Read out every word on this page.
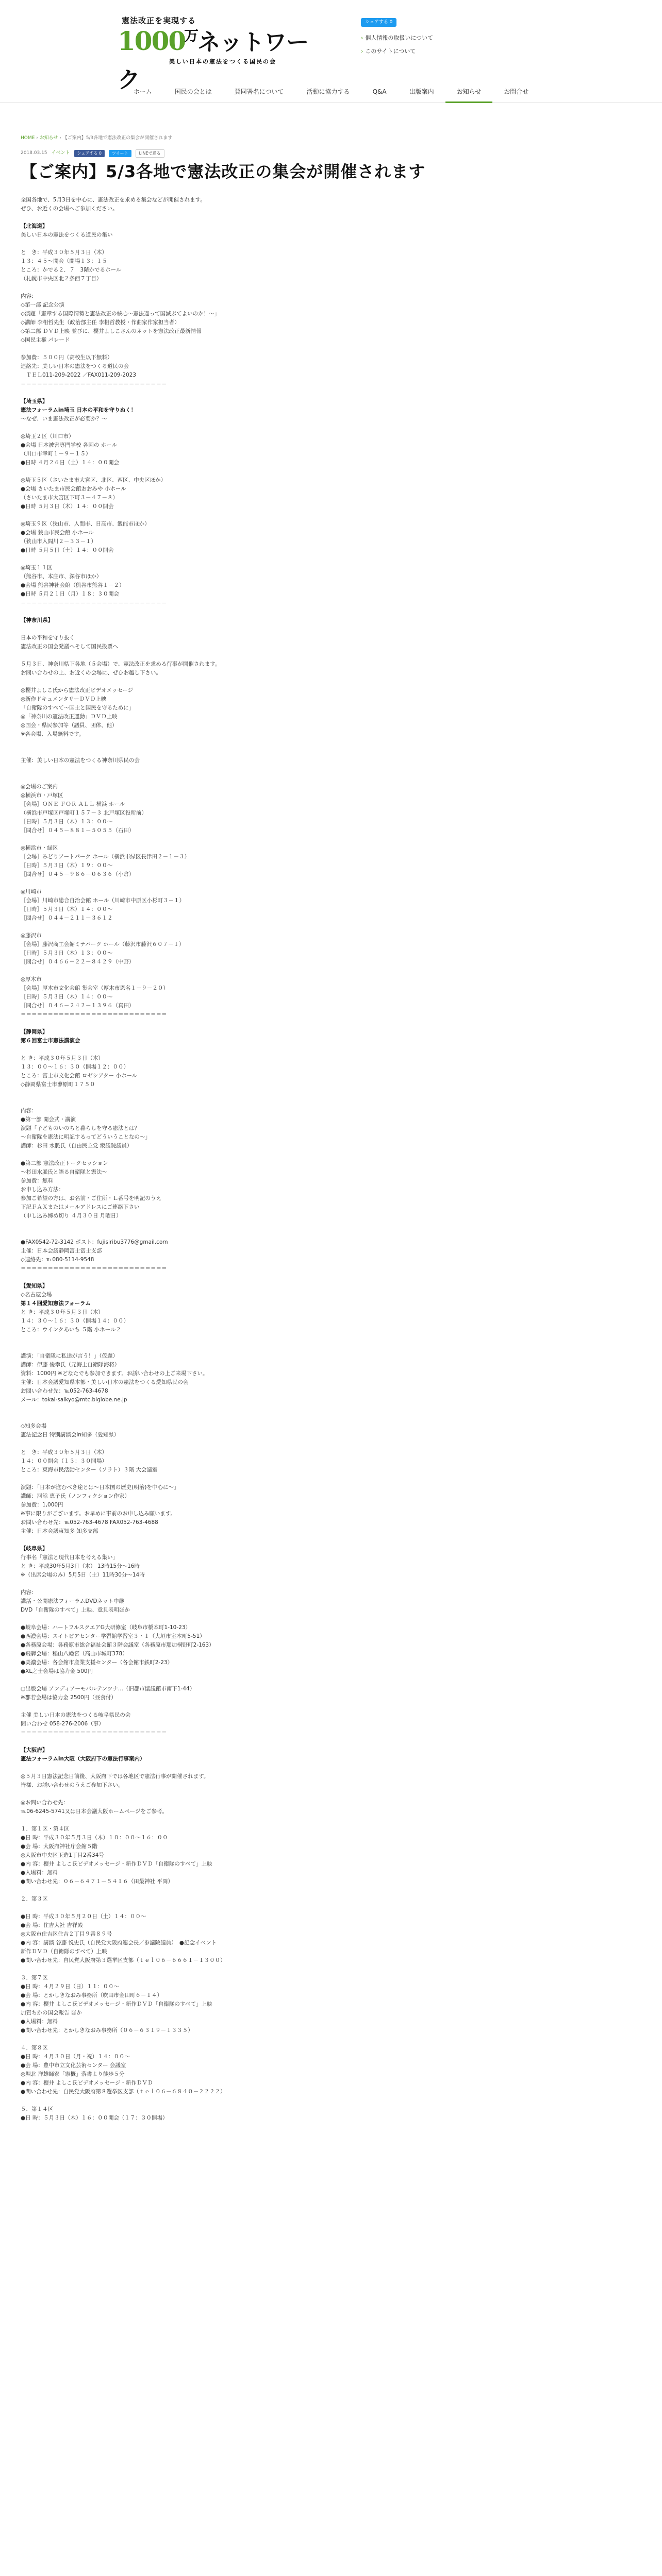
憲法改正を実現する
$1000^万$ネットワーク
美しい日本の憲法をつくる国民の会
シェアする 0
› 個人情報の取扱いについて
› このサイトについて
ホーム	国民の会とは	賛同署名について	活動に協力する	Q&A	出版案内	お知らせ	お問合せ
HOME › お知らせ › 【ご案内】5/3各地で憲法改正の集会が開催されます
2018.03.15 イベント	シェアする 0	ツイート	LINEで送る
【ご案内】5/3各地で憲法改正の集会が開催されます
全国各地で、5月3日を中心に、憲法改正を求める集会などが開催されます。
ぜひ、お近くの会場へご参加ください。
【北海道】
美しい日本の憲法をつくる道民の集い
と　き：平成３０年５月３日（木）
１３：４５～開会（開場１３：１５
ところ：かでる２．７　3階かでるホール
（札幌市中央区北２条西７丁目）
内容：
◇第一部 記念公演
◇演題「憲章する国際情勢と憲法改正の核心～憲法違って国滅ぶてよいのか！～」
◇講師 李相哲先生（政治部主任 李相哲教授・作曲家作家担当者）
◇第二部 ＤＶＤ上映 並びに、櫻井よしこさんのネットを憲法改正最新情報
◇国民主権 パレード
参加費：５００円（高校生以下無料）
連絡先：美しい日本の憲法をつくる道民の会
　ＴＥＬ011-209-2022 ／FAX011-209-2023
＝＝＝＝＝＝＝＝＝＝＝＝＝＝＝＝＝＝＝＝＝＝＝＝＝＝＝
【埼玉県】
憲法フォーラムin埼玉 日本の平和を守りぬく！
～なぜ、いま憲法改正が必要か？～
◎埼玉２区（川口市）
●会場 日本被害専門学校 各回の ホール
（川口市幸町１－９－１５）
●日時 ４月２６日（土）１４：００開会
◎埼玉５区（さいたま市大宮区、北区、西区、中央区ほか）
●会場 さいたま市民会館おおみや 小ホール
（さいたま市大宮区下町３－４７－８）
●日時 ５月３日（木）１４：００開会
◎埼玉９区（狭山市、入間市、日高市、飯能市ほか）
●会場 狭山市民会館 小ホール
（狭山市入間川２－３３－１）
●日時 ５月５日（土）１４：００開会
◎埼玉１１区
（熊谷市、本庄市、深谷市ほか）
●会場 熊谷神社会館（熊谷市熊谷１－２）
●日時 ５月２１日（月）１８：３０開会
＝＝＝＝＝＝＝＝＝＝＝＝＝＝＝＝＝＝＝＝＝＝＝＝＝＝＝
【神奈川県】
日本の平和を守り抜く
憲法改正の国会発議へそして国民投票へ
５月３日、神奈川県下各地（５会場）で、憲法改正を求める行事が開催されます。
お問い合わせの上、お近くの会場に、ぜひお越し下さい。
◎櫻井よしこ氏から憲法改正ビデオメッセージ
◎新作ドキュメンタリーＤＶＤ上映
「自衛隊のすべて～国土と国民を守るために」
◎「神奈川の憲法改正運動」ＤＶＤ上映
◎国会・県民参加等（議員、団体、他）
※各会場、入場無料です。
主催：美しい日本の憲法をつくる神奈川県民の会
◎会場のご案内
◎横浜市・戸塚区
［会場］ＯＮＥ ＦＯＲ ＡＬＬ 横浜 ホール
（横浜市戸塚区戸塚町１５７－３ 北戸塚区役所前）
［日時］５月３日（木）１３：００～
［問合せ］０４５－８８１－５０５５（石田）
◎横浜市・緑区
［会場］みどりアートパーク ホール（横浜市緑区長津田２－１－３）
［日時］５月３日（木）１９：００～
［問合せ］０４５－９８６－０６３６（小倉）
◎川崎市
［会場］川崎市総合自治会館 ホール（川崎市中原区小杉町３－１）
［日時］５月３日（木）１４：００～
［問合せ］０４４－２１１－３６１２
◎藤沢市
［会場］藤沢商工会館ミナパーク ホール（藤沢市藤沢６０７－１）
［日時］５月３日（木）１３：００～
［問合せ］０４６６－２２－８４２９（中野）
◎厚木市
［会場］厚木市文化会館 集会室（厚木市恩名１－９－２０）
［日時］５月３日（木）１４：００～
［問合せ］０４６－２４２－１３９６（真田）
＝＝＝＝＝＝＝＝＝＝＝＝＝＝＝＝＝＝＝＝＝＝＝＝＝＝＝
【静岡県】
第６回富士市憲法講演会
と き：平成３０年５月３日（木）
１３：００～１６：３０（開場１２：００）
ところ：富士市文化会館 ロゼシアター 小ホール
◇静岡県富士市蓼原町１７５０
内容：
●第一部 開会式・講演
演題「子どものいのちと暮らしを守る憲法とは？
～自衛隊を憲法に明記するってどういうことなの～」
講師：杉田 水脈氏（自由民主党 衆議院議員）
●第二部 憲法改正トークセッション
～杉田水脈氏と語る自衛隊と憲法～
参加費：無料
お申し込み方法：
参加ご希望の方は、お名前・ご住所・Ｌ番号を明記のうえ
下記ＦＡＸまたはメールアドレスにご連絡下さい
（申し込み締め切り ４月３０日 月曜日）
●FAX0542-72-3142 ポスト：fujisiribu3776@gmail.com
主催：日本会議静岡富士富士支部
◇連絡先：℡080-5114-9548
＝＝＝＝＝＝＝＝＝＝＝＝＝＝＝＝＝＝＝＝＝＝＝＝＝＝＝
【愛知県】
◇名古屋会場
第１４回愛知憲法フォーラム
と き：平成３０年５月３日（木）
１４：３０～１６：３０（開場１４：００）
ところ：ウインクあいち ５階 小ホール２
講演：「自衛隊に私達が言う！」（仮題）
講師：伊藤 俊幸氏（元海上自衛隊海将）
資料：1000円 ※どなたでも参加できます。お誘い合わせの上ご来場下さい。
主催：日本会議愛知県本部・美しい日本の憲法をつくる愛知県民の会
お問い合わせ先：℡052-763-4678
メール：tokai-saikyo@mtc.biglobe.ne.jp
◇知多会場
憲法記念日 特別講演会in知多（愛知県）
と　き：平成３０年５月３日（木）
１４：００開会（１３：３０開場）
ところ：東海市民活動センター（ソラト）３階 大会議室
演題：「日本が進むべき途とは～日本国の歴史(明治)を中心に～」
講師：河添 恵子氏（ノンフィクション作家）
参加費：1,000円
※事に限りがございます。お早めに事前のお申し込み願います。
お問い合わせ先：℡052-763-4678 FAX052-763-4688
主催：日本会議東知多 知多支部
【岐阜県】
行事名「憲法と現代日本を考える集い」
と き：平成30年5月3日（木） 13時15分～16時
※（出席会場のみ）5月5日（土）11時30分～14時
内容：
講話・公開憲法フォーラムDVDネット中継
DVD「自衛隊のすべて」上映、意見表明ほか
●岐阜会場：ハートフルスクエアG大研修室（岐阜市橋本町1-10-23）
●西濃会場：スイトピアセンター学習館学習室３・１（大垣市室本町5-51）
●各務原会場：各務原市総合福祉会館３階会議室（各務原市那加桐野町2-163）
●飛騨会場：稲山八幡宮（高山市城町378）
●美濃会場：各会館市産業支援センター（各会館市鉄町2-23）
●XL之士会場は協力金 500円
○出版会場 アンディアーモパルテンツナ...（旧郡市協議館市南下1-44）
※郡若会場は協力金 2500円（昼食付）
主催 美しい日本の憲法をつくる岐阜県民の会
問い合わせ 058-276-2006（事）
＝＝＝＝＝＝＝＝＝＝＝＝＝＝＝＝＝＝＝＝＝＝＝＝＝＝＝
【大阪府】
憲法フォーラムin大阪（大阪府下の憲法行事案内）
◎５月３日憲法記念日前後、大阪府下では各地区で憲法行事が開催されます。
皆様、お誘い合わせのうえご参加下さい。
◎お問い合わせ先：
℡06-6245-5741又は日本会議大阪ホームページをご参考。
１．第１区・第４区
●日 時：平成３０年５月３日（木）１０：００～１６：００
●会 場：大阪府神社庁会館５階
◎大阪市中央区玉造1丁目2番34号
●内 容：櫻井 よしこ氏ビデオメッセージ・新作ＤＶＤ「自衛隊のすべて」上映
●入場料：無料
●問い合わせ先：０６－６４７１－５４１６（田最神社 平岡）
２．第３区
●日 時：平成３０年５月２０日（土）１４：００～
●会 場：住吉大社 吉祥殿
◎大阪市住吉区住吉２丁目９番８９号
●内 容：講演 谷藤 悦史氏（自民党大阪府連会長／参議院議員）　●記念イベント
新作ＤＶＤ（自衛隊のすべて）上映
●問い合わせ先：自民党大阪府第３選挙区支部（ｔｅｌ０６－６６６１－１３００）
３．第７区
●日 時：４月２９日（日）１１：００～
●会 場：とかしきなおみ事務所（吹田市金田町６－１４）
●内 容：櫻井 よしこ氏ビデオメッセージ・新作ＤＶＤ「自衛隊のすべて」上映
加賀ちかの国会報告 ほか
●入場料：無料
●問い合わせ先：とかしきなおみ事務所（０６－６３１９－１３３５）
４．第８区
●日 時：４月３０日（月・祝）１４：００～
●会 場：豊中市立文化芸術センター 会議室
◎堀北 洋雄師寮「憲概」落書より徒歩５分
●内 容：櫻井 よしこ氏ビデオメッセージ・新作ＤＶＤ
●問い合わせ先：自民党大阪府第８選挙区支部（ｔｅｌ０６－６８４０－２２２２）
５．第１４区
●日 時：５月３日（木）１６：００開会（１７：３０開場）
